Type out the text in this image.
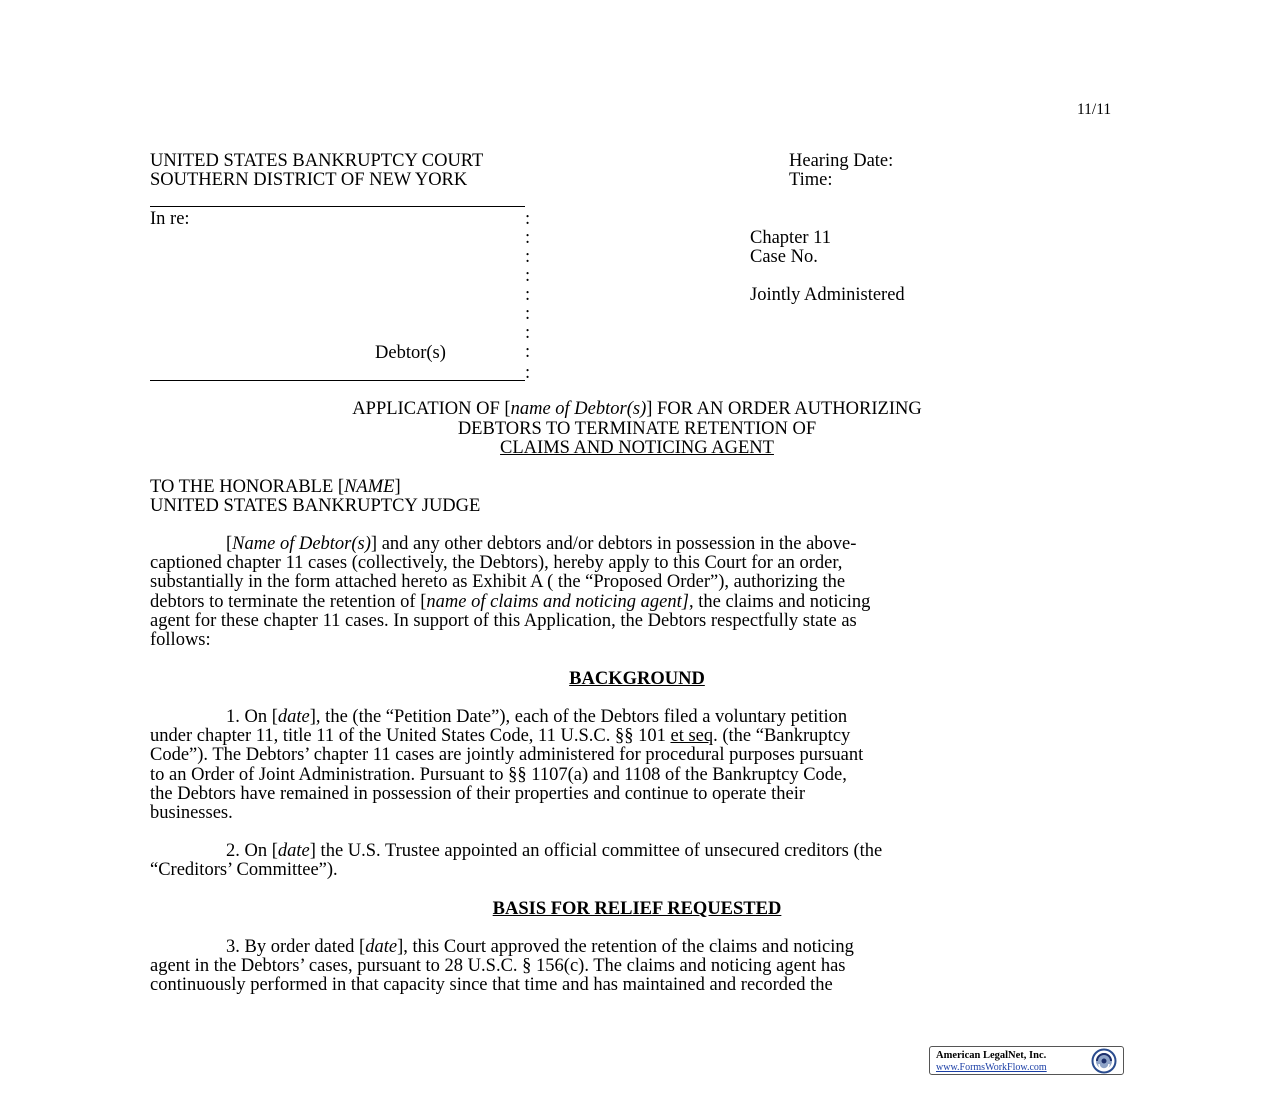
11/11
UNITED STATES BANKRUPTCY COURT
SOUTHERN DISTRICT OF NEW YORK
Hearing Date:
Time:
In re:	:
:
:
:
:
:
:
:
:
Chapter 11
Case No.
Jointly Administered
Debtor(s)
APPLICATION OF [name of Debtor(s)] FOR AN ORDER AUTHORIZING
DEBTORS TO TERMINATE RETENTION OF
CLAIMS AND NOTICING AGENT
TO THE HONORABLE [NAME]
UNITED STATES BANKRUPTCY JUDGE
[Name of Debtor(s)] and any other debtors and/or debtors in possession in the above-
captioned chapter 11 cases (collectively, the Debtors), hereby apply to this Court for an order,
substantially in the form attached hereto as Exhibit A ( the “Proposed Order”), authorizing the
debtors to terminate the retention of [name of claims and noticing agent], the claims and noticing
agent for these chapter 11 cases. In support of this Application, the Debtors respectfully state as
follows:
BACKGROUND
1. On [date], the (the “Petition Date”), each of the Debtors filed a voluntary petition
under chapter 11, title 11 of the United States Code, 11 U.S.C. §§ 101 et seq. (the “Bankruptcy
Code”). The Debtors’ chapter 11 cases are jointly administered for procedural purposes pursuant
to an Order of Joint Administration. Pursuant to §§ 1107(a) and 1108 of the Bankruptcy Code,
the Debtors have remained in possession of their properties and continue to operate their
businesses.
2. On [date] the U.S. Trustee appointed an official committee of unsecured creditors (the
“Creditors’ Committee”).
BASIS FOR RELIEF REQUESTED
3. By order dated [date], this Court approved the retention of the claims and noticing
agent in the Debtors’ cases, pursuant to 28 U.S.C. § 156(c). The claims and noticing agent has
continuously performed in that capacity since that time and has maintained and recorded the
American LegalNet, Inc.
www.FormsWorkFlow.com
